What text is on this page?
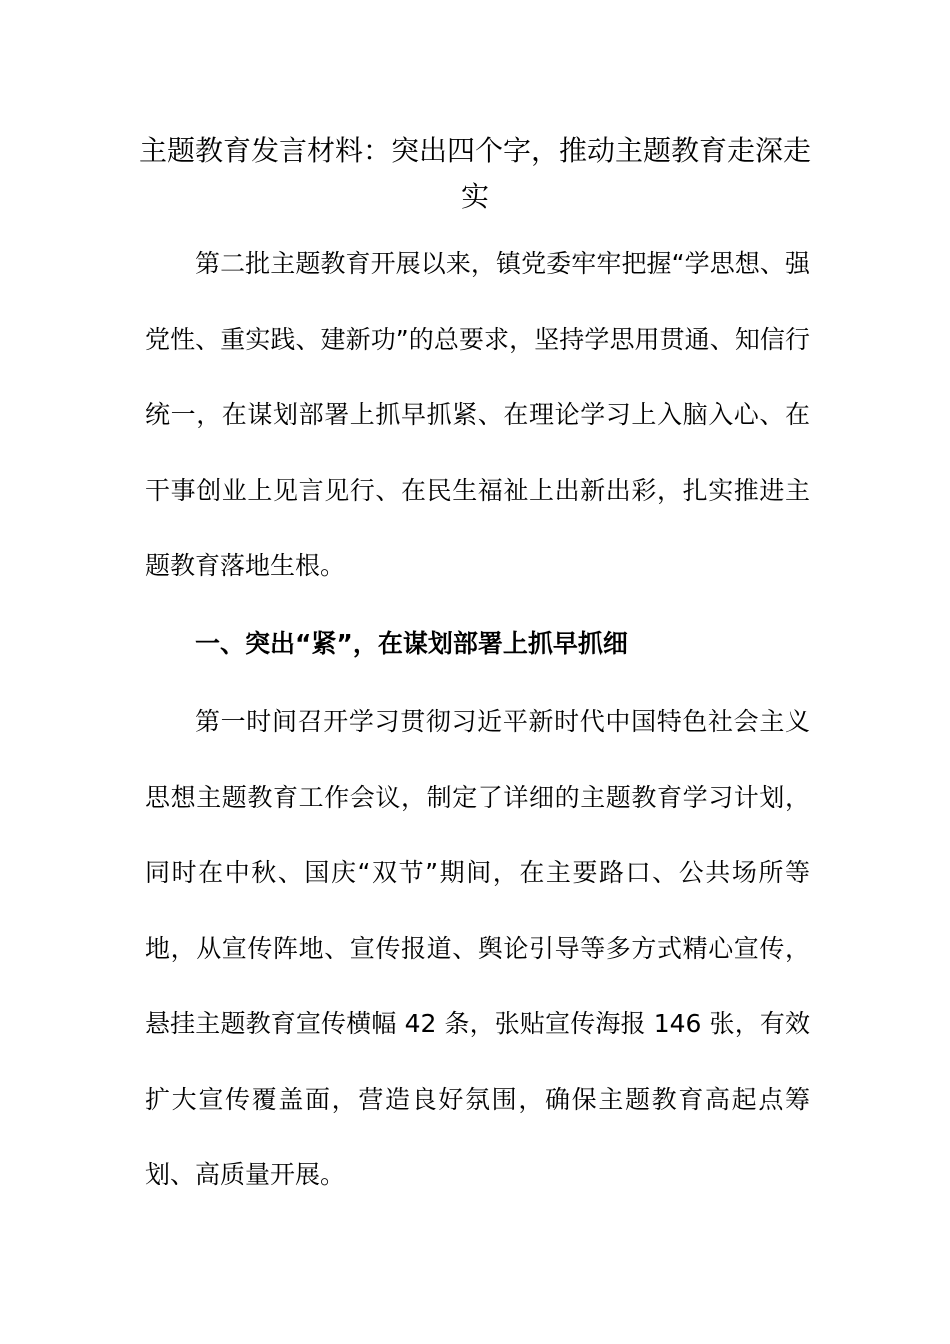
主题教育发言材料：突出四个字，推动主题教育走深走实

第二批主题教育开展以来，镇党委牢牢把握“学思想、强党性、重实践、建新功”的总要求，坚持学思用贯通、知信行统一，在谋划部署上抓早抓紧、在理论学习上入脑入心、在干事创业上见言见行、在民生福祉上出新出彩，扎实推进主题教育落地生根。

一、突出“紧”，在谋划部署上抓早抓细

第一时间召开学习贯彻习近平新时代中国特色社会主义思想主题教育工作会议，制定了详细的主题教育学习计划，同时在中秋、国庆“双节”期间，在主要路口、公共场所等地，从宣传阵地、宣传报道、舆论引导等多方式精心宣传，悬挂主题教育宣传横幅 42 条，张贴宣传海报 146 张，有效扩大宣传覆盖面，营造良好氛围，确保主题教育高起点筹划、高质量开展。
